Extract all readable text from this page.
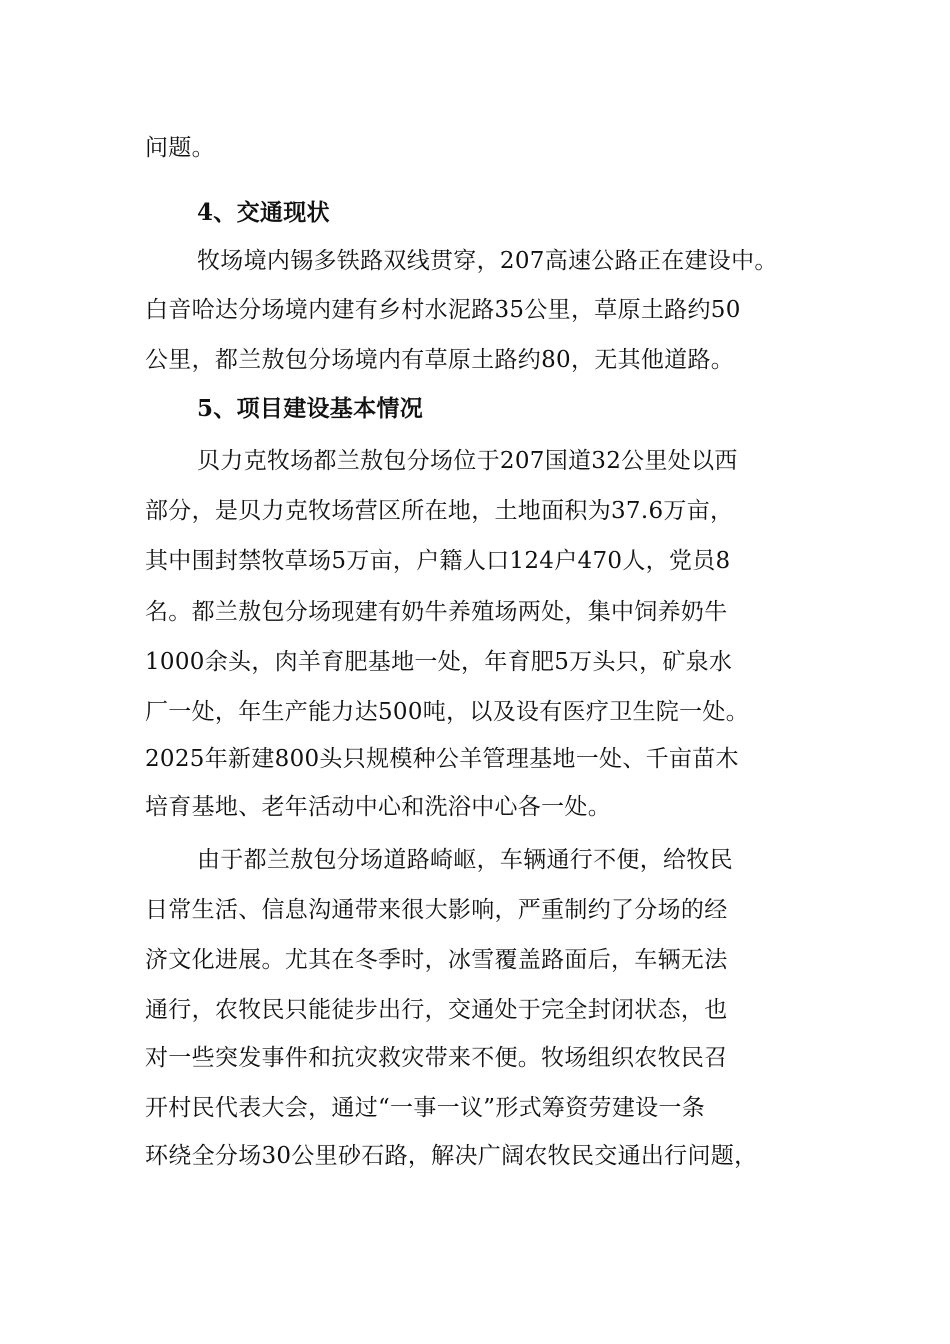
问题。
4、交通现状
牧场境内锡多铁路双线贯穿，207高速公路正在建设中。
白音哈达分场境内建有乡村水泥路35公里，草原土路约50
公里，都兰敖包分场境内有草原土路约80，无其他道路。
5、项目建设基本情况
贝力克牧场都兰敖包分场位于207国道32公里处以西
部分，是贝力克牧场营区所在地，土地面积为37.6万亩，
其中围封禁牧草场5万亩，户籍人口124户470人，党员8
名。都兰敖包分场现建有奶牛养殖场两处，集中饲养奶牛
1000余头，肉羊育肥基地一处，年育肥5万头只，矿泉水
厂一处，年生产能力达500吨，以及设有医疗卫生院一处。
2025年新建800头只规模种公羊管理基地一处、千亩苗木
培育基地、老年活动中心和洗浴中心各一处。
由于都兰敖包分场道路崎岖，车辆通行不便，给牧民
日常生活、信息沟通带来很大影响，严重制约了分场的经
济文化进展。尤其在冬季时，冰雪覆盖路面后，车辆无法
通行，农牧民只能徒步出行，交通处于完全封闭状态，也
对一些突发事件和抗灾救灾带来不便。牧场组织农牧民召
开村民代表大会，通过“一事一议”形式筹资劳建设一条
环绕全分场30公里砂石路，解决广阔农牧民交通出行问题，
